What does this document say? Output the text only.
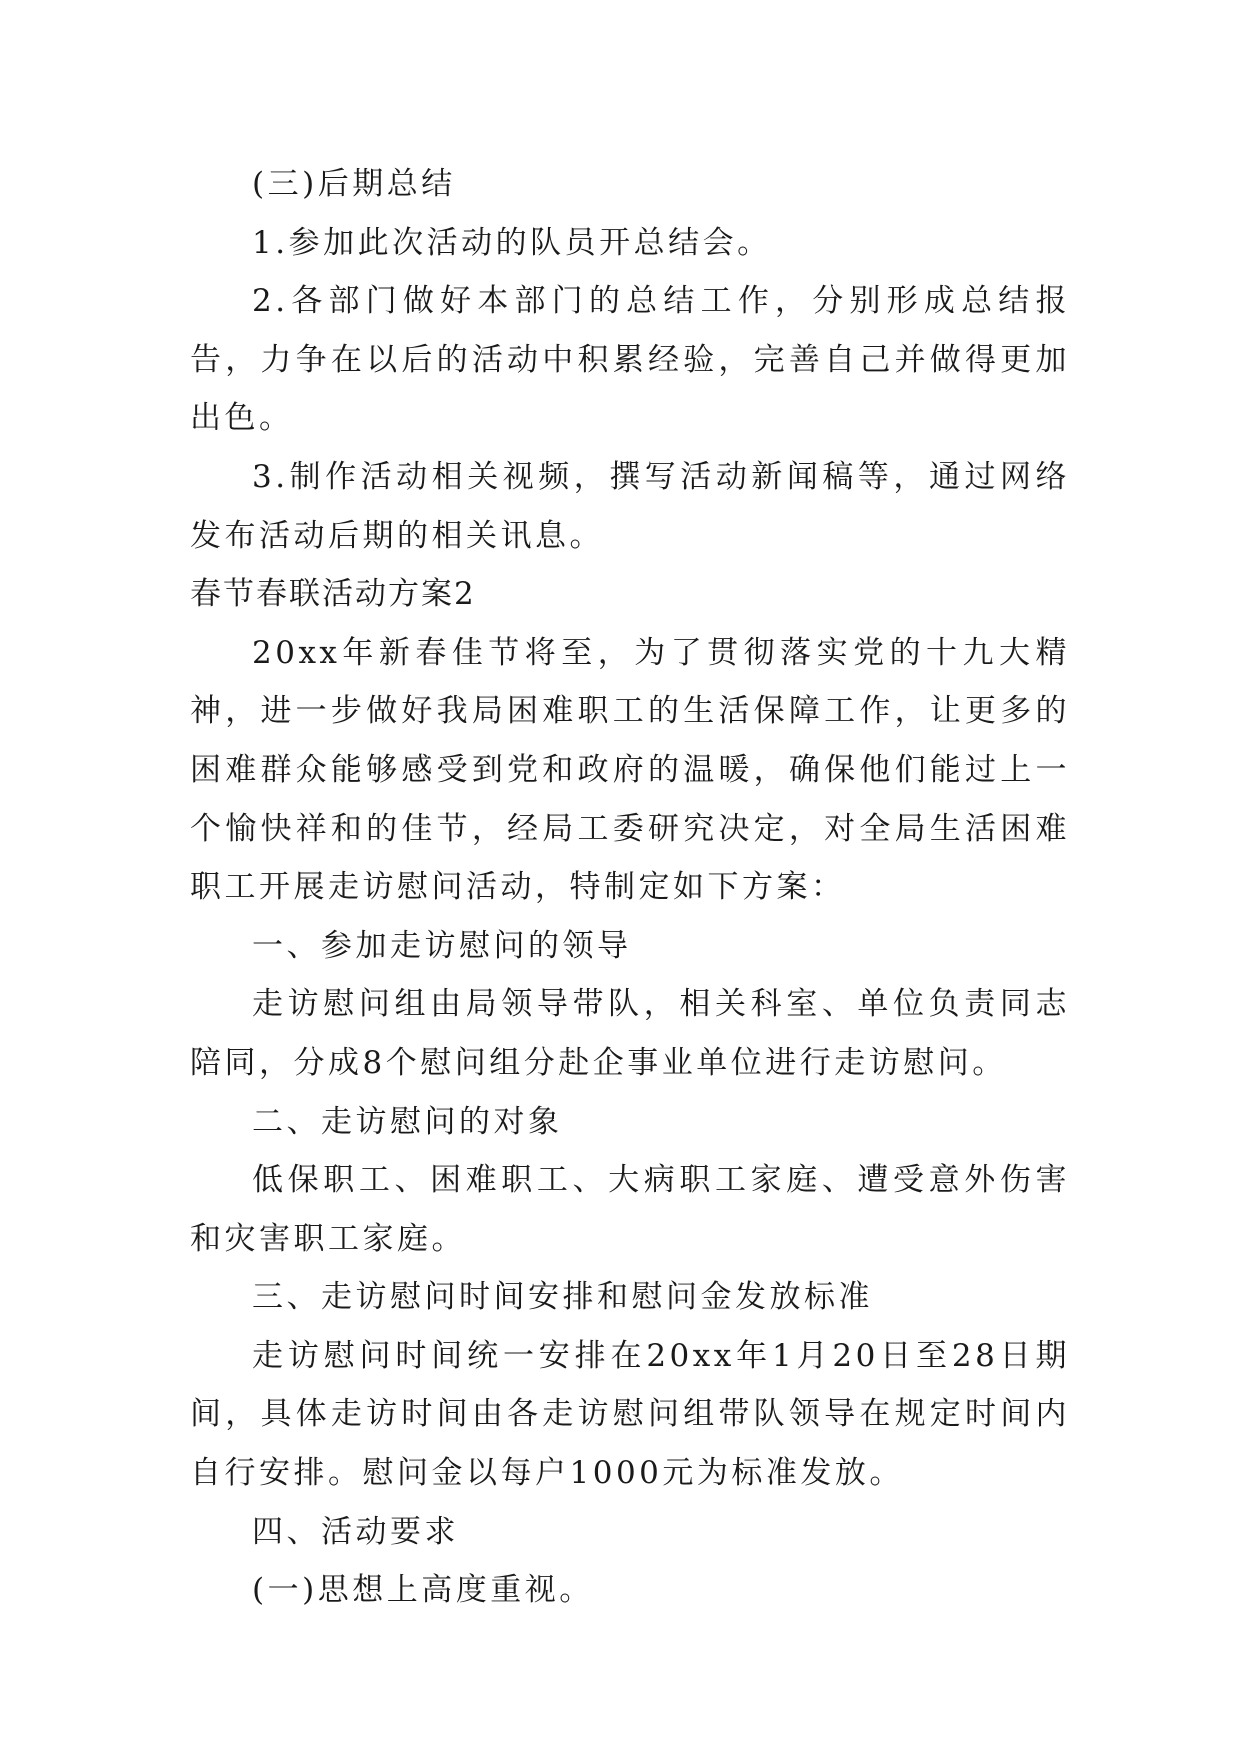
(三)后期总结

1.参加此次活动的队员开总结会。

2.各部门做好本部门的总结工作，分别形成总结报告，力争在以后的活动中积累经验，完善自己并做得更加出色。

3.制作活动相关视频，撰写活动新闻稿等，通过网络发布活动后期的相关讯息。

春节春联活动方案2

20xx年新春佳节将至，为了贯彻落实党的十九大精神，进一步做好我局困难职工的生活保障工作，让更多的困难群众能够感受到党和政府的温暖，确保他们能过上一个愉快祥和的佳节，经局工委研究决定，对全局生活困难职工开展走访慰问活动，特制定如下方案：

一、参加走访慰问的领导

走访慰问组由局领导带队，相关科室、单位负责同志陪同，分成8个慰问组分赴企事业单位进行走访慰问。

二、走访慰问的对象

低保职工、困难职工、大病职工家庭、遭受意外伤害和灾害职工家庭。

三、走访慰问时间安排和慰问金发放标准

走访慰问时间统一安排在20xx年1月20日至28日期间，具体走访时间由各走访慰问组带队领导在规定时间内自行安排。慰问金以每户1000元为标准发放。

四、活动要求

(一)思想上高度重视。
